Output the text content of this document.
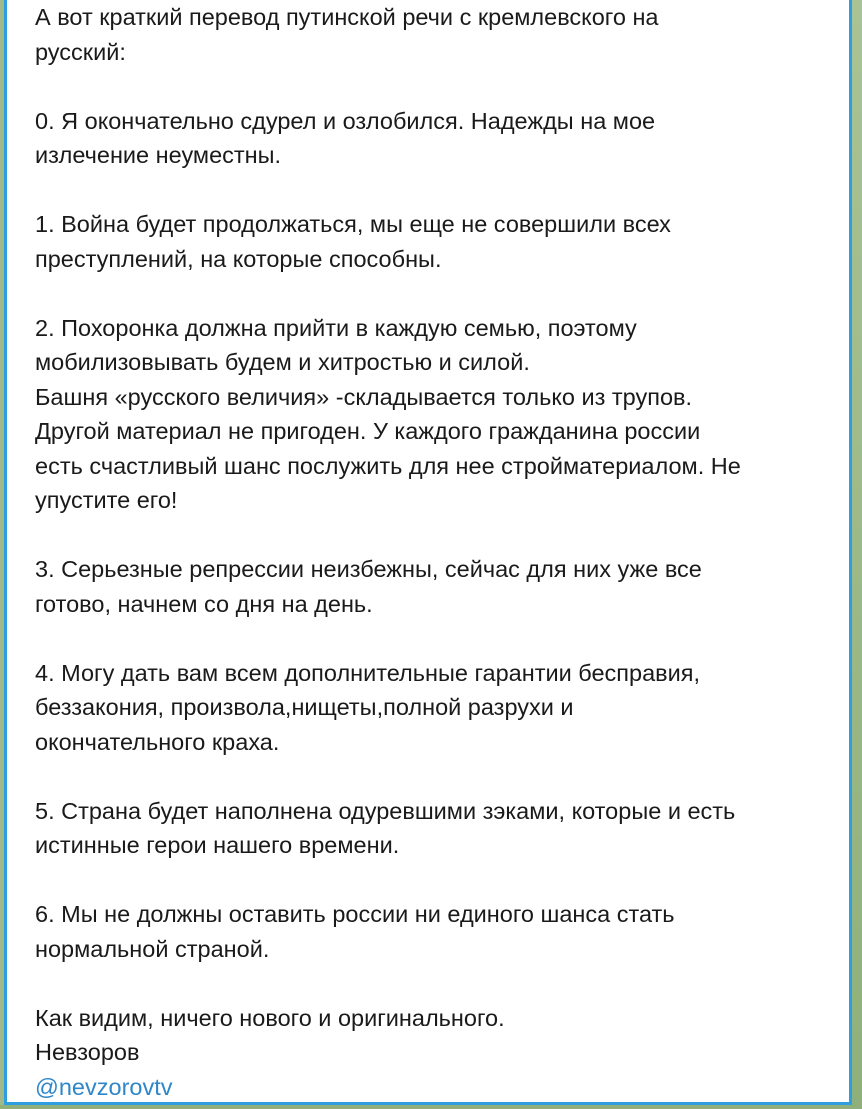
А вот краткий перевод путинской речи с кремлевского на
русский:
0. Я окончательно сдурел и озлобился. Надежды на мое
излечение неуместны.
1. Война будет продолжаться, мы еще не совершили всех
преступлений, на которые способны.
2. Похоронка должна прийти в каждую семью, поэтому
мобилизовывать будем и хитростью и силой.
Башня «русского величия» -складывается только из трупов.
Другой материал не пригоден. У каждого гражданина россии
есть счастливый шанс послужить для нее стройматериалом. Не
упустите его!
3. Серьезные репрессии неизбежны, сейчас для них уже все
готово, начнем со дня на день.
4. Могу дать вам всем дополнительные гарантии бесправия,
беззакония, произвола,нищеты,полной разрухи и
окончательного краха.
5. Страна будет наполнена одуревшими зэками, которые и есть
истинные герои нашего времени.
6. Мы не должны оставить россии ни единого шанса стать
нормальной страной.
Как видим, ничего нового и оригинального.
Невзоров
@nevzorovtv
